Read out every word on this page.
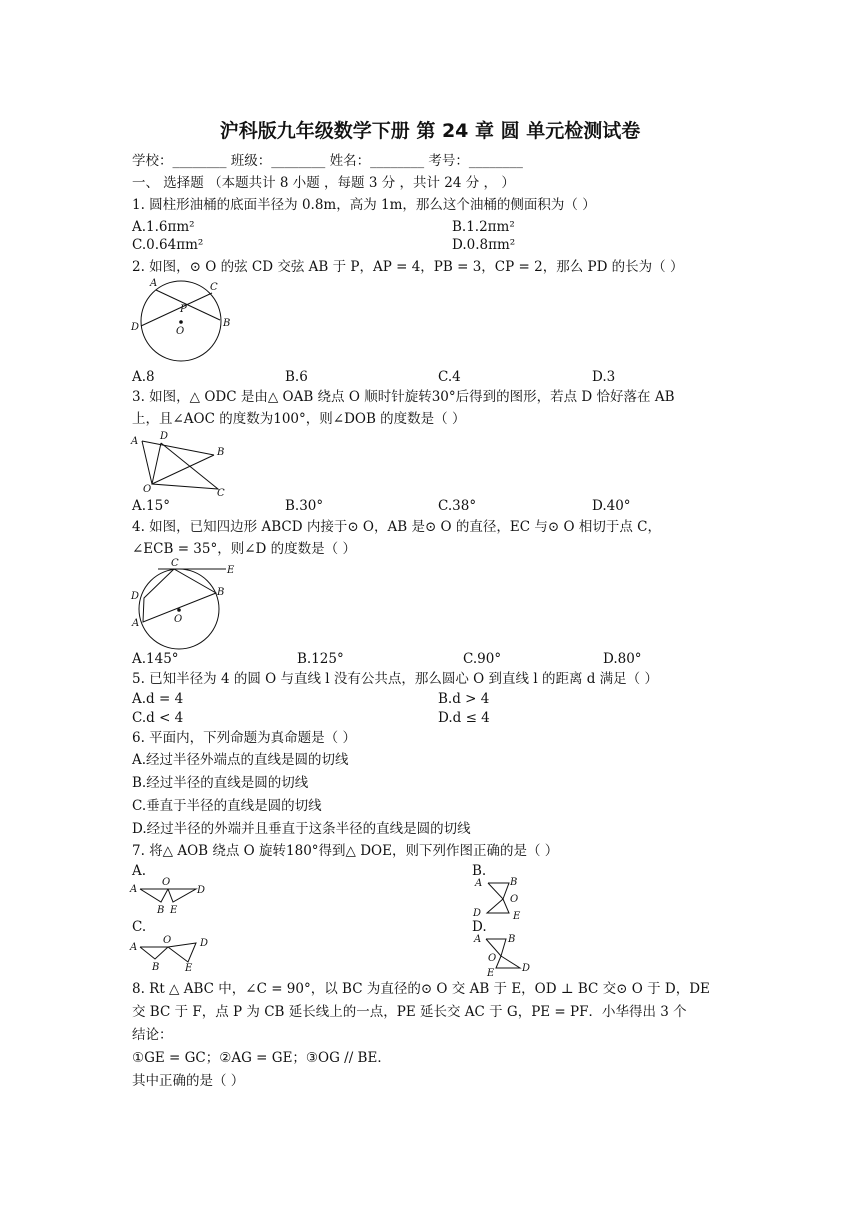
沪科版九年级数学下册 第 24 章 圆 单元检测试卷
学校：________ 班级：________ 姓名：________ 考号：________
一、 选择题 （本题共计 8 小题 ，每题 3 分 ，共计 24 分 ， ）
1. 圆柱形油桶的底面半径为 0.8m，高为 1m，那么这个油桶的侧面积为（ ）
A.1.6πm²	B.1.2πm²
C.0.64πm²	D.0.8πm²
2. 如图，⊙ O 的弦 CD 交弦 AB 于 P，AP = 4，PB = 3，CP = 2，那么 PD 的长为（ ）
A	C
P
D	O
B
A.8	B.6	C.4	D.3
3. 如图，△ ODC 是由△ OAB 绕点 O 顺时针旋转30°后得到的图形，若点 D 恰好落在 AB
上，且∠AOC 的度数为100°，则∠DOB 的度数是（ ）
A D
B
O	C
A.15°	B.30°	C.38°	D.40°
4. 如图，已知四边形 ABCD 内接于⊙ O，AB 是⊙ O 的直径，EC 与⊙ O 相切于点 C，
∠ECB = 35°，则∠D 的度数是（ ）
C
E
D	B
A	O
A.145°	B.125°	C.90°	D.80°
5. 已知半径为 4 的圆 O 与直线 l 没有公共点，那么圆心 O 到直线 l 的距离 d 满足（ ）
A.d = 4	B.d > 4
C.d < 4	D.d ≤ 4
6. 平面内，下列命题为真命题是（ ）
A.经过半径外端点的直线是圆的切线
B.经过半径的直线是圆的切线
C.垂直于半径的直线是圆的切线
D.经过半径的外端并且垂直于这条半径的直线是圆的切线
7. 将△ AOB 绕点 O 旋转180°得到△ DOE，则下列作图正确的是（ ）
A.	B.
A
O
D
B E
A	B
O
D	E
C.	D.
A
O	D
B	E
A	B
O
D
E
8. Rt △ ABC 中，∠C = 90°，以 BC 为直径的⊙ O 交 AB 于 E，OD ⊥ BC 交⊙ O 于 D，DE
交 BC 于 F，点 P 为 CB 延长线上的一点，PE 延长交 AC 于 G，PE = PF．小华得出 3 个
结论：
①GE = GC；②AG = GE；③OG // BE．
其中正确的是（ ）
